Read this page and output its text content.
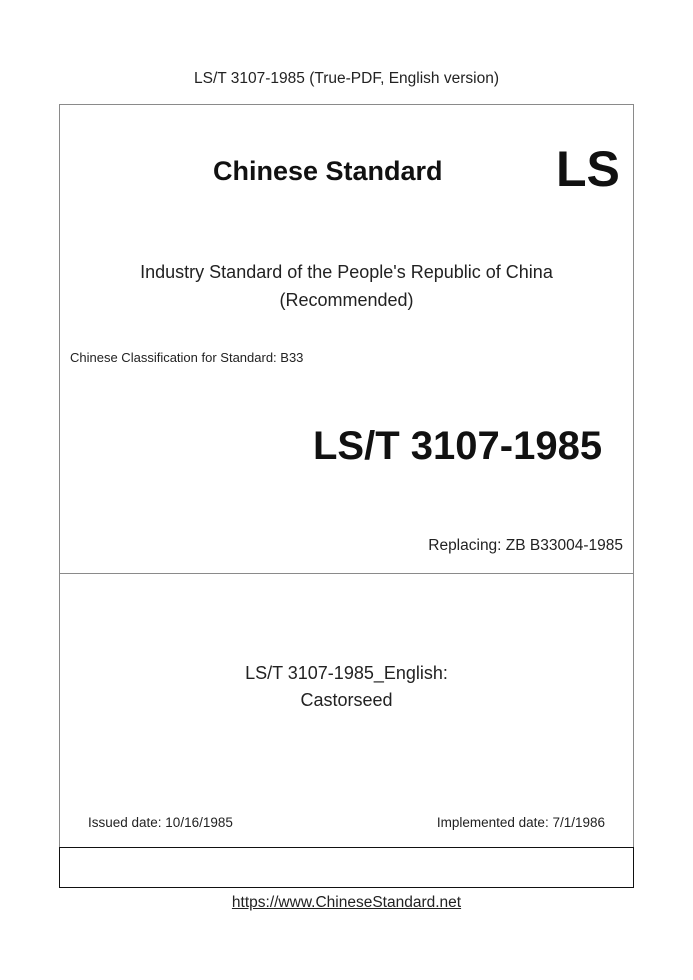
LS/T 3107-1985 (True-PDF, English version)
Chinese Standard LS
Industry Standard of the People's Republic of China
(Recommended)
Chinese Classification for Standard: B33
LS/T 3107-1985
Replacing: ZB B33004-1985
LS/T 3107-1985_English:
Castorseed
Issued date: 10/16/1985	Implemented date: 7/1/1986
https://www.ChineseStandard.net
